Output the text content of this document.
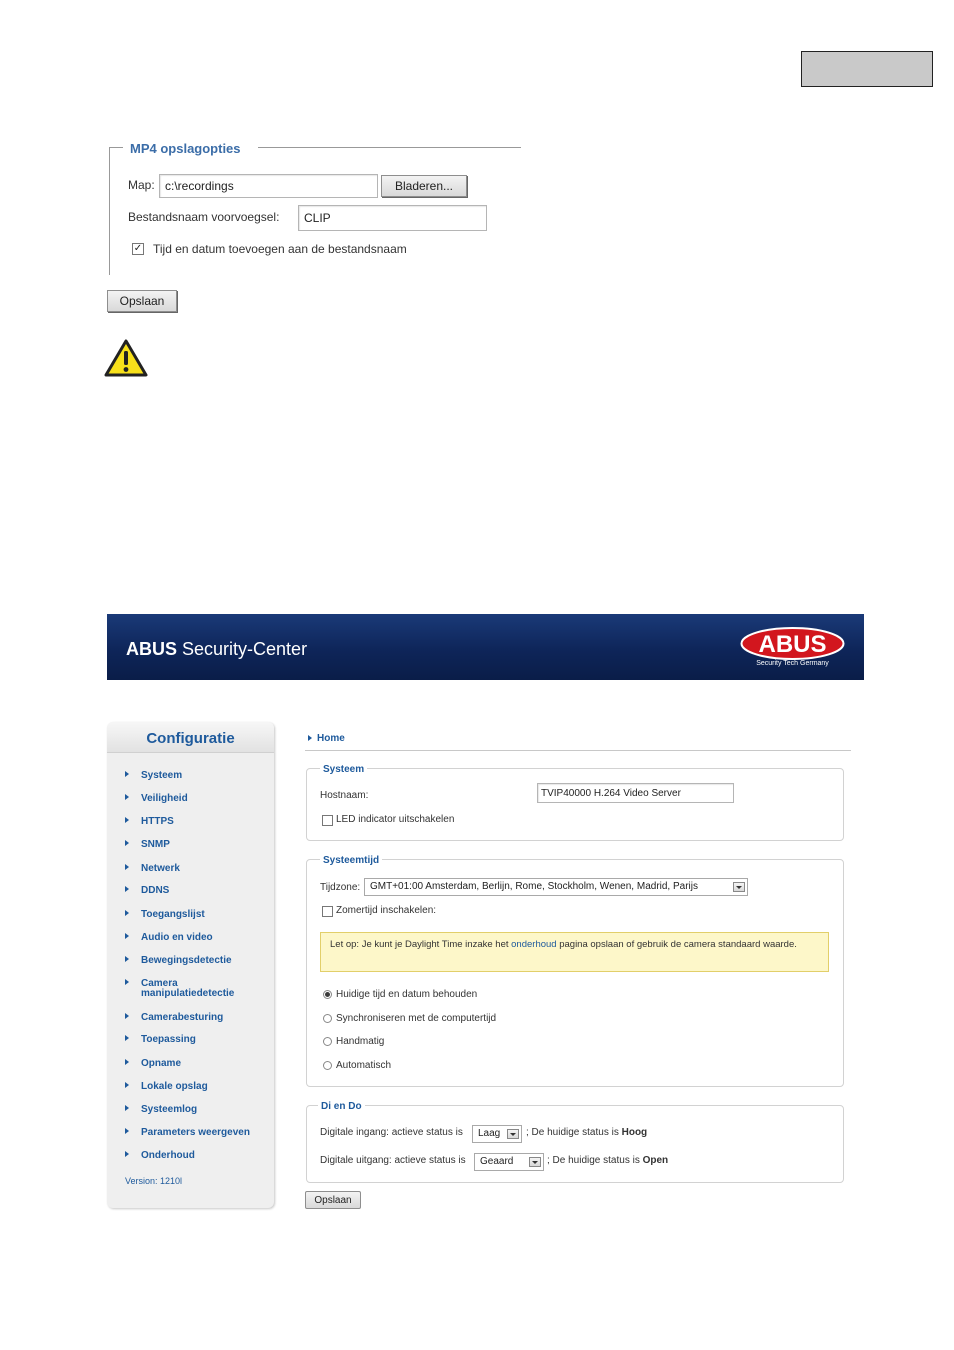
MP4 opslagopties
Map:
c:\recordings	Bladeren...
Bestandsnaam voorvoegsel:
CLIP
✓ Tijd en datum toevoegen aan de bestandsnaam
Opslaan
ABUS Security-Center	ABUS
Security Tech Germany
Configuratie
Systeem
Veiligheid
HTTPS
SNMP
Netwerk
DDNS
Toegangslijst
Audio en video
Bewegingsdetectie
Camera manipulatiedetectie
Camerabesturing
Toepassing
Opname
Lokale opslag
Systeemlog
Parameters weergeven
Onderhoud
Version: 1210l
Home
Systeem
Hostnaam:
TVIP40000 H.264 Video Server
LED indicator uitschakelen
Systeemtijd
Tijdzone: GMT+01:00 Amsterdam, Berlijn, Rome, Stockholm, Wenen, Madrid, Parijs
Zomertijd inschakelen:
Let op: Je kunt je Daylight Time inzake het onderhoud pagina opslaan of gebruik de camera standaard waarde.
Huidige tijd en datum behouden
Synchroniseren met de computertijd
Handmatig
Automatisch
Di en Do
Digitale ingang: actieve status is	Laag	; De huidige status is Hoog
Digitale uitgang: actieve status is	Geaard	; De huidige status is Open
Opslaan
